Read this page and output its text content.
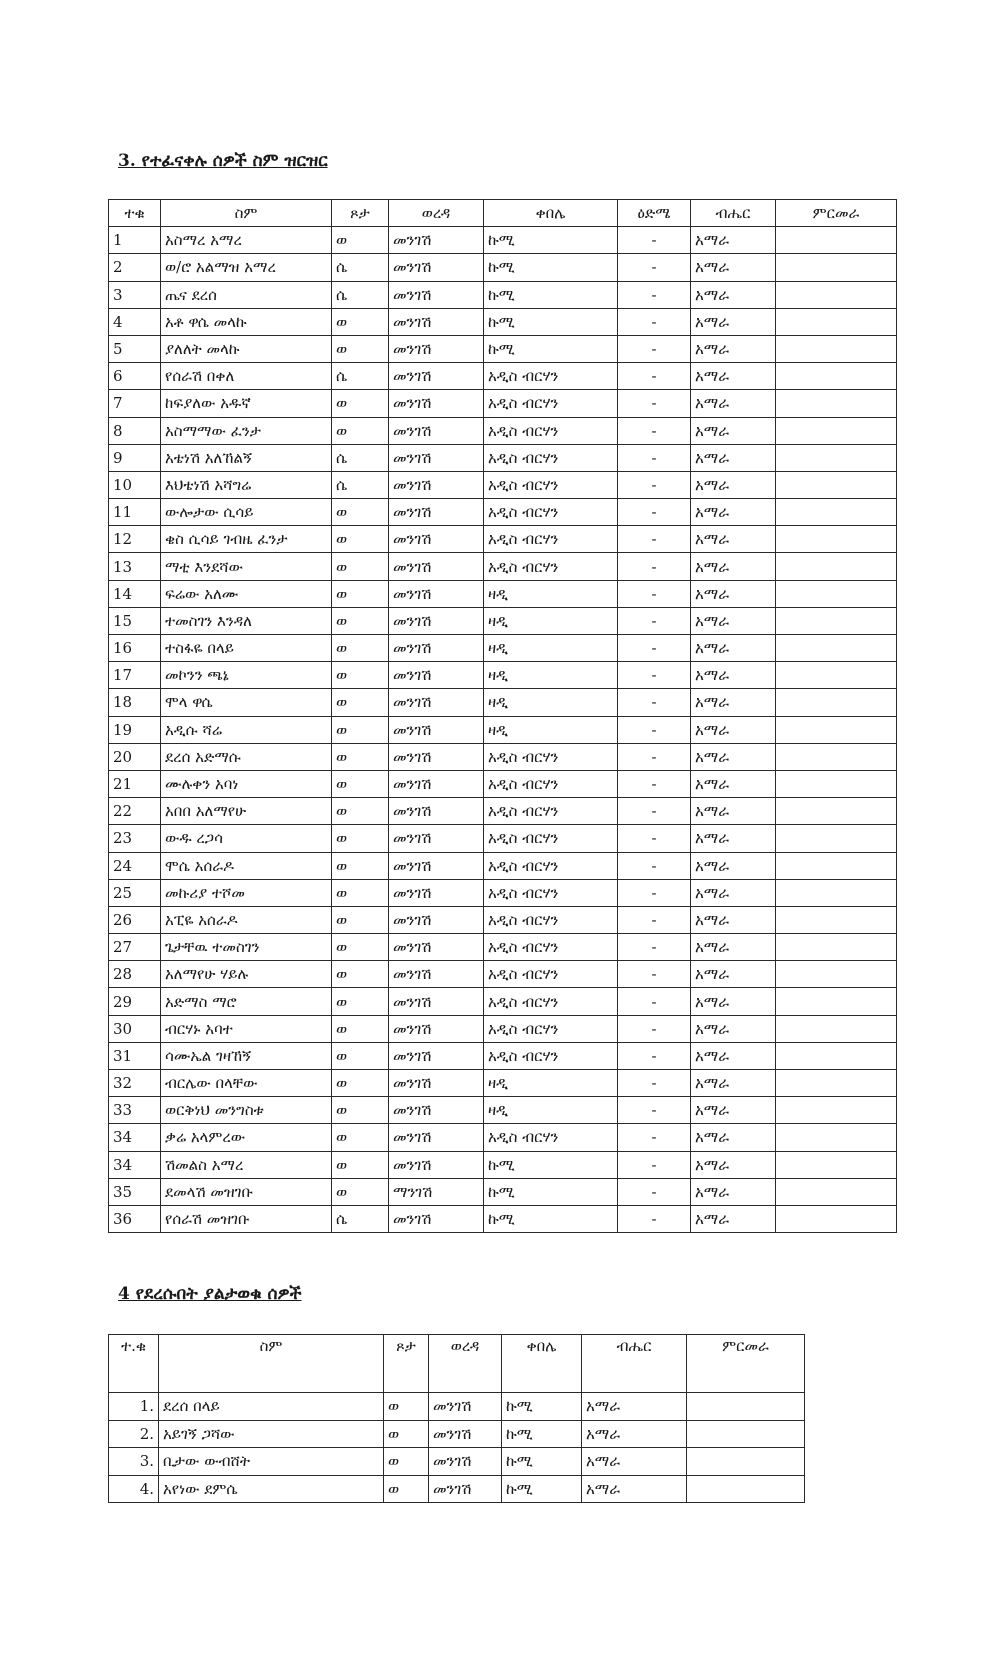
3. የተፈናቀሉ ሰዎች ስም ዝርዝር
ተቁ	ስም	ጾታ	ወረዳ	ቀበሌ	ዕድሜ	ብሔር	ምርመራ
1	አስማረ አማረ	ወ	መንገሽ	ኩሚ	-	አማራ	
2	ወ/ሮ አልማዝ አማረ	ሴ	መንገሽ	ኩሚ	-	አማራ	
3	ጤና ደረሰ	ሴ	መንገሽ	ኩሚ	-	አማራ	
4	አቶ ዋሴ መላኩ	ወ	መንገሽ	ኩሚ	-	አማራ	
5	ያለለት መላኩ	ወ	መንገሽ	ኩሚ	-	አማራ	
6	የሰራሽ በቀለ	ሴ	መንገሽ	አዲስ ብርሃን	-	አማራ	
7	ከፍያለው አዱኛ	ወ	መንገሽ	አዲስ ብርሃን	-	አማራ	
8	አስማማው ፈንታ	ወ	መንገሽ	አዲስ ብርሃን	-	አማራ	
9	አቴነሽ አለኸልኝ	ሴ	መንገሽ	አዲስ ብርሃን	-	አማራ	
10	እህቴነሽ አሻግሬ	ሴ	መንገሽ	አዲስ ብርሃን	-	አማራ	
11	ውሎታው ሲሳይ	ወ	መንገሽ	አዲስ ብርሃን	-	አማራ	
12	ቄስ ሲሳይ ገብዜ ፈንታ	ወ	መንገሽ	አዲስ ብርሃን	-	አማራ	
13	ማቲ እንደሻው	ወ	መንገሽ	አዲስ ብርሃን	-	አማራ	
14	ፍሬው አለሙ	ወ	መንገሽ	ዛዲ	-	አማራ	
15	ተመስገን እንዳለ	ወ	መንገሽ	ዛዲ	-	አማራ	
16	ተስፋዬ በላይ	ወ	መንገሽ	ዛዲ	-	አማራ	
17	መኮንን ጫኔ	ወ	መንገሽ	ዛዲ	-	አማራ	
18	ሞላ ዋሴ	ወ	መንገሽ	ዛዲ	-	አማራ	
19	አዲሱ ሻሬ	ወ	መንገሽ	ዛዲ	-	አማራ	
20	ደረሰ አድማሱ	ወ	መንገሽ	አዲስ ብርሃን	-	አማራ	
21	ሙሉቀን አባነ	ወ	መንገሽ	አዲስ ብርሃን	-	አማራ	
22	አበበ አለማየሁ	ወ	መንገሽ	አዲስ ብርሃን	-	አማራ	
23	ውዱ ረጋሳ	ወ	መንገሽ	አዲስ ብርሃን	-	አማራ	
24	ሞሴ አሰራዶ	ወ	መንገሽ	አዲስ ብርሃን	-	አማራ	
25	መኩሪያ ተሾመ	ወ	መንገሽ	አዲስ ብርሃን	-	አማራ	
26	አፒዬ አሰራዶ	ወ	መንገሽ	አዲስ ብርሃን	-	አማራ	
27	ጌታቸዉ ተመስገን	ወ	መንገሽ	አዲስ ብርሃን	-	አማራ	
28	አለማየሁ ሃይሉ	ወ	መንገሽ	አዲስ ብርሃን	-	አማራ	
29	አድማስ ማሮ	ወ	መንገሽ	አዲስ ብርሃን	-	አማራ	
30	ብርሃኑ አባተ	ወ	መንገሽ	አዲስ ብርሃን	-	አማራ	
31	ሳሙኤል ገዛኸኝ	ወ	መንገሽ	አዲስ ብርሃን	-	አማራ	
32	ብርሌው በላቸው	ወ	መንገሽ	ዛዲ	-	አማራ	
33	ወርቅነህ መንግስቱ	ወ	መንገሽ	ዛዲ	-	አማራ	
34	ቃሬ አላምረው	ወ	መንገሽ	አዲስ ብርሃን	-	አማራ	
34	ሽመልስ አማረ	ወ	መንገሽ	ኩሚ	-	አማራ	
35	ደመላሽ መዝገቡ	ወ	ማንገሽ	ኩሚ	-	አማራ	
36	የሰራሽ መዝገቡ	ሴ	መንገሽ	ኩሚ	-	አማራ	
4 የደረሱበት ያልታወቁ ሰዎች
ተ.ቁ	ስም	ጾታ	ወረዳ	ቀበሌ	ብሔር	ምርመራ
1.	ደረሰ በላይ	ወ	መንገሽ	ኩሚ	አማራ	
2.	አይገኝ ጋሻው	ወ	መንገሽ	ኩሚ	አማራ	
3.	ቢታው ውብሸት	ወ	መንገሽ	ኩሚ	አማራ	
4.	አየነው ደምሴ	ወ	መንገሽ	ኩሚ	አማራ	
